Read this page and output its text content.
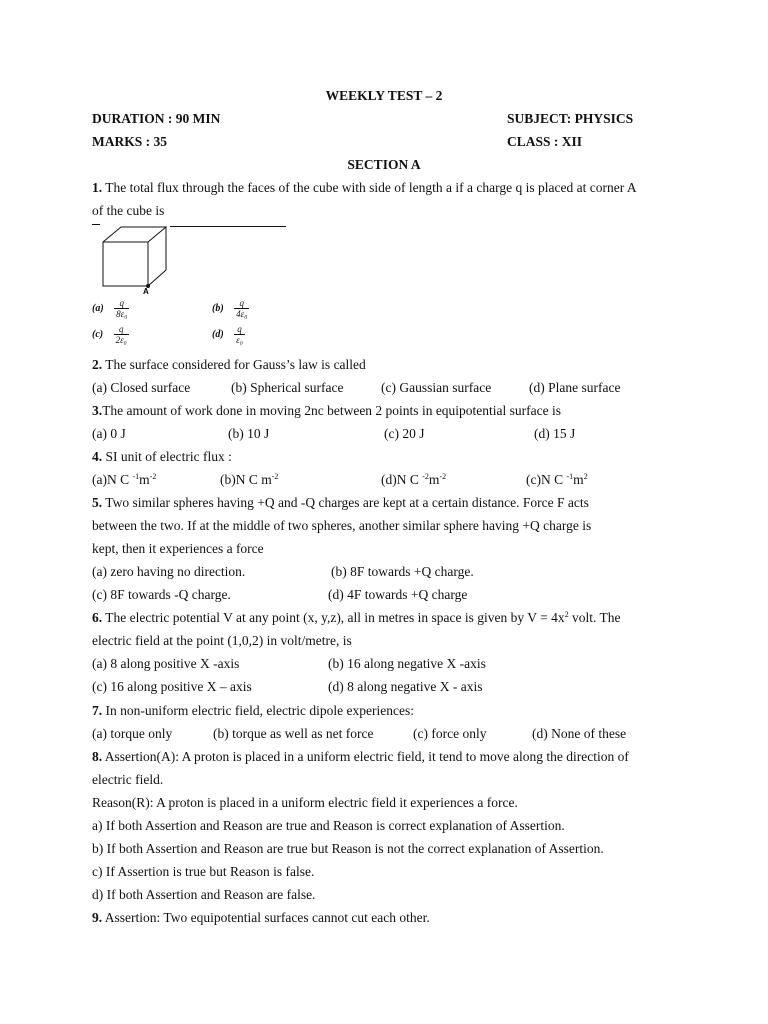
WEEKLY TEST – 2
DURATION : 90 MIN	SUBJECT: PHYSICS
MARKS : 35	CLASS : XII
SECTION A
1. The total flux through the faces of the cube with side of length a if a charge q is placed at corner A
of the cube is
A
$(a) \frac{q}{\text{8ε₀}}$	$(b) \frac{q}{\text{4ε₀}}$
$(c) \frac{q}{\text{2ε₀}}$	$(d) \frac{q}{\text{ε₀}}$
2. The surface considered for Gauss’s law is called
(a) Closed surface	(b) Spherical surface	(c) Gaussian surface	(d) Plane surface
3.The amount of work done in moving 2nc between 2 points in equipotential surface is
(a) 0 J	(b) 10 J	(c) 20 J	(d) 15 J
4. SI unit of electric flux :
(a)N C $^{-1}m^{-2}$	(b)N C $m^{-2}$	(d)N C $^{-2}m^{-2}$	(c)N C $^{-1}m^2$
5. Two similar spheres having +Q and -Q charges are kept at a certain distance. Force F acts
between the two. If at the middle of two spheres, another similar sphere having +Q charge is
kept, then it experiences a force
(a) zero having no direction.	(b) 8F towards +Q charge.
(c) 8F towards -Q charge.	(d) 4F towards +Q charge
6. The electric potential V at any point (x, y,z), all in metres in space is given by $V = 4x^2$ volt. The
electric field at the point (1,0,2) in volt/metre, is
(a) 8 along positive X -axis	(b) 16 along negative X -axis
(c) 16 along positive X – axis	(d) 8 along negative X - axis
7. In non-uniform electric field, electric dipole experiences:
(a) torque only	(b) torque as well as net force	(c) force only	(d) None of these
8. Assertion(A): A proton is placed in a uniform electric field, it tend to move along the direction of
electric field.
Reason(R): A proton is placed in a uniform electric field it experiences a force.
a) If both Assertion and Reason are true and Reason is correct explanation of Assertion.
b) If both Assertion and Reason are true but Reason is not the correct explanation of Assertion.
c) If Assertion is true but Reason is false.
d) If both Assertion and Reason are false.
9. Assertion: Two equipotential surfaces cannot cut each other.
